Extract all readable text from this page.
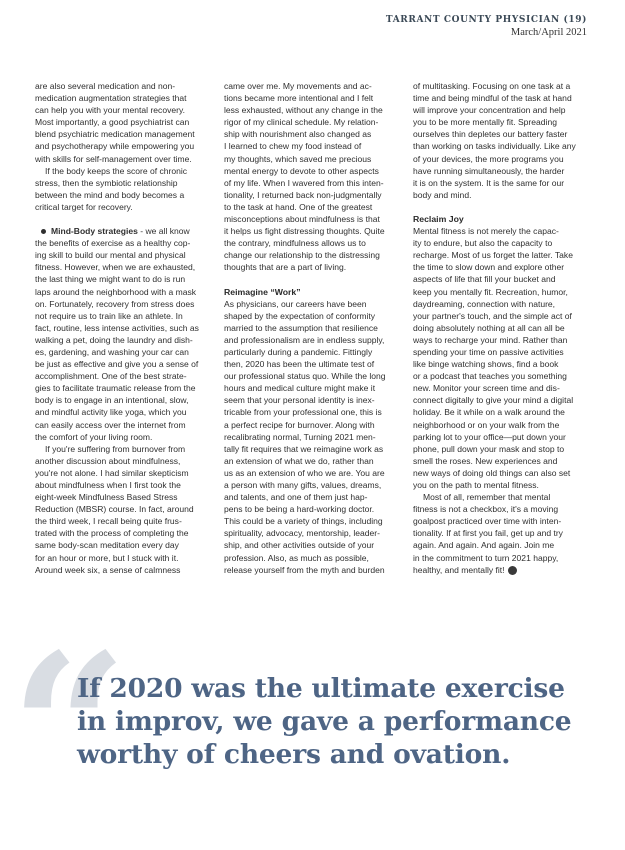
TARRANT COUNTY PHYSICIAN (19)
March/April 2021

are also several medication and non-
medication augmentation strategies that
can help you with your mental recovery.
Most importantly, a good psychiatrist can
blend psychiatric medication management
and psychotherapy while empowering you
with skills for self-management over time.

If the body keeps the score of chronic
stress, then the symbiotic relationship
between the mind and body becomes a
critical target for recovery.

Mind-Body strategies - we all know
the benefits of exercise as a healthy cop-
ing skill to build our mental and physical
fitness. However, when we are exhausted,
the last thing we might want to do is run
laps around the neighborhood with a mask
on. Fortunately, recovery from stress does
not require us to train like an athlete. In
fact, routine, less intense activities, such as
walking a pet, doing the laundry and dish-
es, gardening, and washing your car can
be just as effective and give you a sense of
accomplishment. One of the best strate-
gies to facilitate traumatic release from the
body is to engage in an intentional, slow,
and mindful activity like yoga, which you
can easily access over the internet from
the comfort of your living room.

If you're suffering from burnover from
another discussion about mindfulness,
you're not alone. I had similar skepticism
about mindfulness when I first took the
eight-week Mindfulness Based Stress
Reduction (MBSR) course. In fact, around
the third week, I recall being quite frus-
trated with the process of completing the
same body-scan meditation every day
for an hour or more, but I stuck with it.
Around week six, a sense of calmness

came over me. My movements and ac-
tions became more intentional and I felt
less exhausted, without any change in the
rigor of my clinical schedule. My relation-
ship with nourishment also changed as
I learned to chew my food instead of
my thoughts, which saved me precious
mental energy to devote to other aspects
of my life. When I wavered from this inten-
tionality, I returned back non-judgmentally
to the task at hand. One of the greatest
misconceptions about mindfulness is that
it helps us fight distressing thoughts. Quite
the contrary, mindfulness allows us to
change our relationship to the distressing
thoughts that are a part of living.

Reimagine “Work”

As physicians, our careers have been
shaped by the expectation of conformity
married to the assumption that resilience
and professionalism are in endless supply,
particularly during a pandemic. Fittingly
then, 2020 has been the ultimate test of
our professional status quo. While the long
hours and medical culture might make it
seem that your personal identity is inex-
tricable from your professional one, this is
a perfect recipe for burnover. Along with
recalibrating normal, Turning 2021 men-
tally fit requires that we reimagine work as
an extension of what we do, rather than
us as an extension of who we are. You are
a person with many gifts, values, dreams,
and talents, and one of them just hap-
pens to be being a hard-working doctor.
This could be a variety of things, including
spirituality, advocacy, mentorship, leader-
ship, and other activities outside of your
profession. Also, as much as possible,
release yourself from the myth and burden

of multitasking. Focusing on one task at a
time and being mindful of the task at hand
will improve your concentration and help
you to be more mentally fit. Spreading
ourselves thin depletes our battery faster
than working on tasks individually. Like any
of your devices, the more programs you
have running simultaneously, the harder
it is on the system. It is the same for our
body and mind.

Reclaim Joy

Mental fitness is not merely the capac-
ity to endure, but also the capacity to
recharge. Most of us forget the latter. Take
the time to slow down and explore other
aspects of life that fill your bucket and
keep you mentally fit. Recreation, humor,
daydreaming, connection with nature,
your partner's touch, and the simple act of
doing absolutely nothing at all can all be
ways to recharge your mind. Rather than
spending your time on passive activities
like binge watching shows, find a book
or a podcast that teaches you something
new. Monitor your screen time and dis-
connect digitally to give your mind a digital
holiday. Be it while on a walk around the
neighborhood or on your walk from the
parking lot to your office—put down your
phone, pull down your mask and stop to
smell the roses. New experiences and
new ways of doing old things can also set
you on the path to mental fitness.

Most of all, remember that mental
fitness is not a checkbox, it's a moving
goalpost practiced over time with inten-
tionality. If at first you fail, get up and try
again. And again. And again. Join me
in the commitment to turn 2021 happy,
healthy, and mentally fit! ☻

“
If 2020 was the ultimate exercise
in improv, we gave a performance
worthy of cheers and ovation.
